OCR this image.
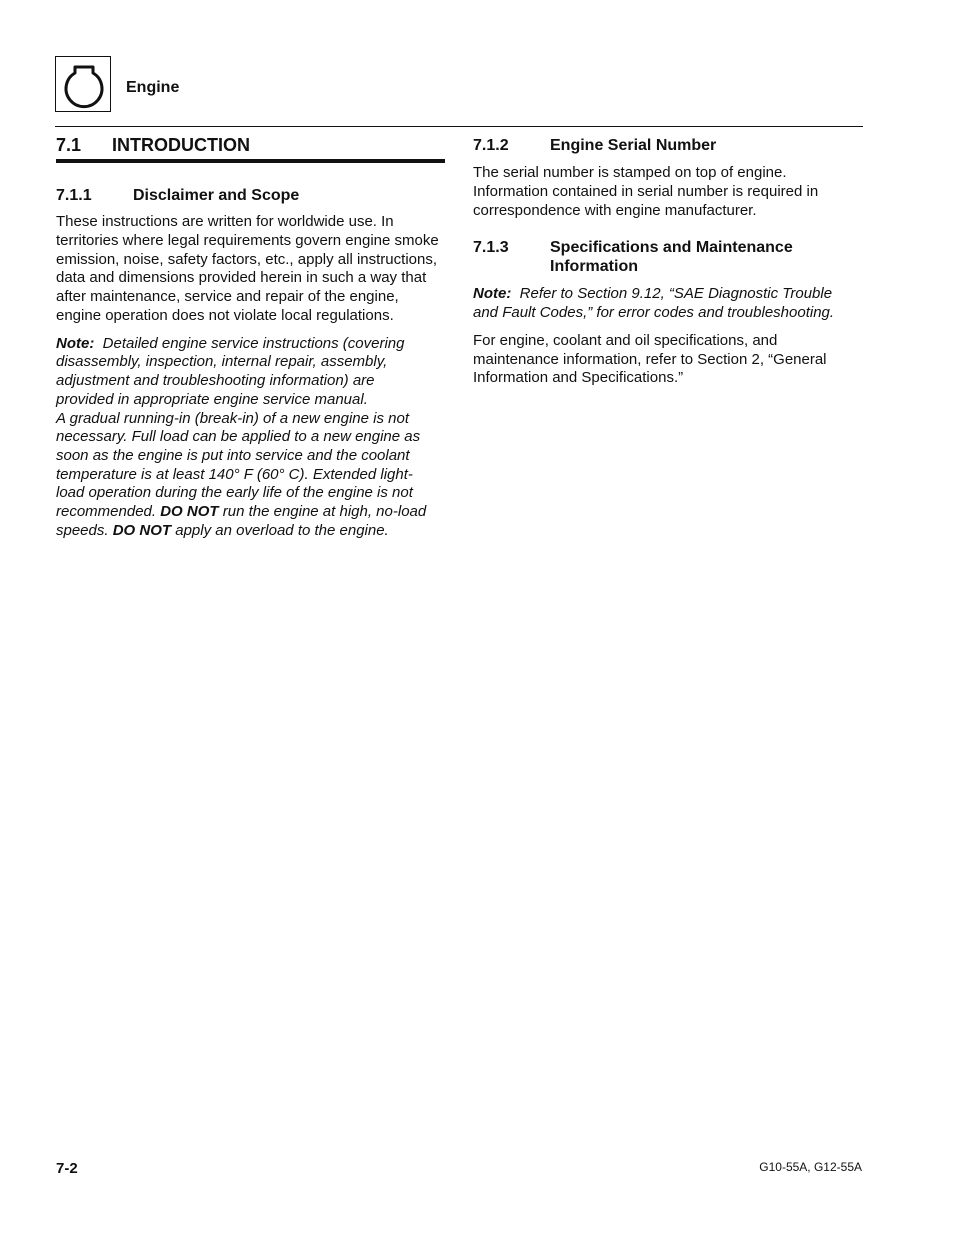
Engine
7.1	INTRODUCTION
7.1.1	Disclaimer and Scope
These instructions are written for worldwide use. In
territories where legal requirements govern engine smoke
emission, noise, safety factors, etc., apply all instructions,
data and dimensions provided herein in such a way that
after maintenance, service and repair of the engine,
engine operation does not violate local regulations.
Note: Detailed engine service instructions (covering
disassembly, inspection, internal repair, assembly,
adjustment and troubleshooting information) are
provided in appropriate engine service manual.
A gradual running-in (break-in) of a new engine is not
necessary. Full load can be applied to a new engine as
soon as the engine is put into service and the coolant
temperature is at least 140° F (60° C). Extended light-
load operation during the early life of the engine is not
recommended. DO NOT run the engine at high, no-load
speeds. DO NOT apply an overload to the engine.
7.1.2	Engine Serial Number
The serial number is stamped on top of engine.
Information contained in serial number is required in
correspondence with engine manufacturer.
7.1.3	Specifications and Maintenance
Information
Note: Refer to Section 9.12, “SAE Diagnostic Trouble
and Fault Codes,” for error codes and troubleshooting.
For engine, coolant and oil specifications, and
maintenance information, refer to Section 2, “General
Information and Specifications.”
7-2	G10-55A, G12-55A
